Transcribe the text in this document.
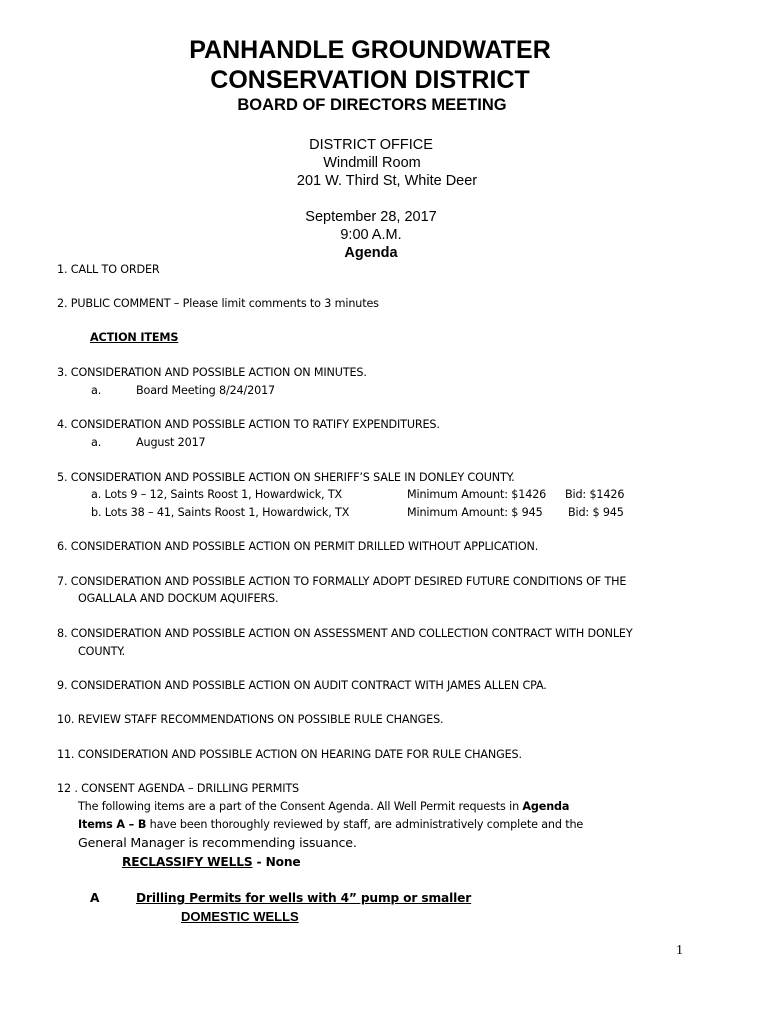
PANHANDLE GROUNDWATER
CONSERVATION DISTRICT
BOARD OF DIRECTORS MEETING
DISTRICT OFFICE
Windmill Room
201 W. Third St, White Deer
September 28, 2017
9:00 A.M.
Agenda
1. CALL TO ORDER
2. PUBLIC COMMENT – Please limit comments to 3 minutes
ACTION ITEMS
3. CONSIDERATION AND POSSIBLE ACTION ON MINUTES.
a.	Board Meeting 8/24/2017
4. CONSIDERATION AND POSSIBLE ACTION TO RATIFY EXPENDITURES.
a.	August 2017
5. CONSIDERATION AND POSSIBLE ACTION ON SHERIFF’S SALE IN DONLEY COUNTY.
a. Lots 9 – 12, Saints Roost 1, Howardwick, TX	Minimum Amount: $1426 Bid: $1426
b. Lots 38 – 41, Saints Roost 1, Howardwick, TX	Minimum Amount: $ 945 Bid: $ 945
6. CONSIDERATION AND POSSIBLE ACTION ON PERMIT DRILLED WITHOUT APPLICATION.
7. CONSIDERATION AND POSSIBLE ACTION TO FORMALLY ADOPT DESIRED FUTURE CONDITIONS OF THE
OGALLALA AND DOCKUM AQUIFERS.
8. CONSIDERATION AND POSSIBLE ACTION ON ASSESSMENT AND COLLECTION CONTRACT WITH DONLEY
COUNTY.
9. CONSIDERATION AND POSSIBLE ACTION ON AUDIT CONTRACT WITH JAMES ALLEN CPA.
10. REVIEW STAFF RECOMMENDATIONS ON POSSIBLE RULE CHANGES.
11. CONSIDERATION AND POSSIBLE ACTION ON HEARING DATE FOR RULE CHANGES.
12 . CONSENT AGENDA – DRILLING PERMITS
The following items are a part of the Consent Agenda. All Well Permit requests in Agenda
Items A – B have been thoroughly reviewed by staff, are administratively complete and the
General Manager is recommending issuance.
RECLASSIFY WELLS - None
A	Drilling Permits for wells with 4” pump or smaller
DOMESTIC WELLS
1
